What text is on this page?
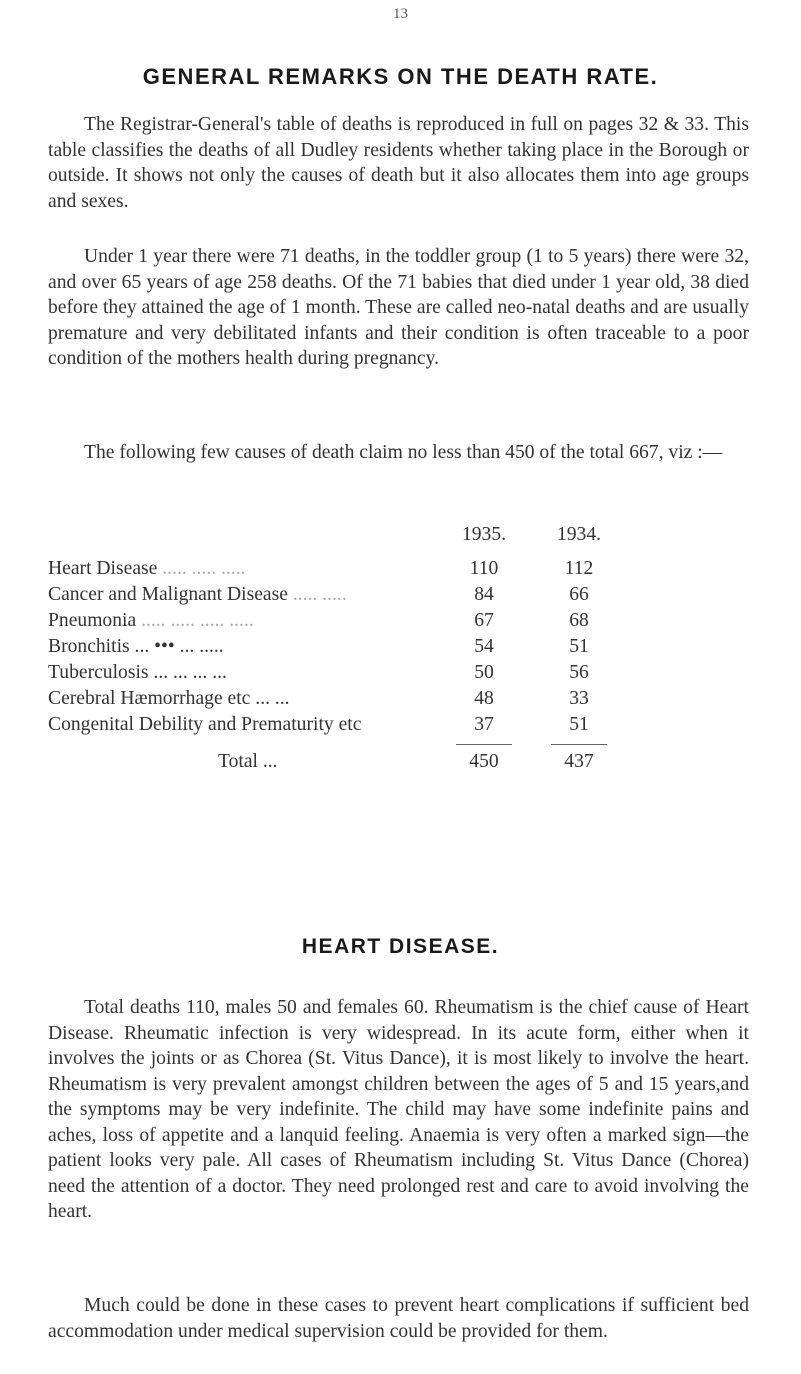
13
GENERAL REMARKS ON THE DEATH RATE.

The Registrar-General's table of deaths is reproduced in full on pages 32 & 33. This table classifies the deaths of all Dudley residents whether taking place in the Borough or outside. It shows not only the causes of death but it also allocates them into age groups and sexes.

Under 1 year there were 71 deaths, in the toddler group (1 to 5 years) there were 32, and over 65 years of age 258 deaths. Of the 71 babies that died under 1 year old, 38 died before they attained the age of 1 month. These are called neo-natal deaths and are usually premature and very debilitated infants and their condition is often traceable to a poor condition of the mothers health during pregnancy.

The following few causes of death claim no less than 450 of the total 667, viz :—

1935.	1934.
Heart Disease ..... ..... .....	110	112
Cancer and Malignant Disease ..... .....	84	66
Pneumonia ..... ..... ..... .....	67	68
Bronchitis ... ••• ... .....	54	51
Tuberculosis ... ... ... ...	50	56
Cerebral Hæmorrhage etc ... ...	48	33
Congenital Debility and Prematurity etc	37	51
Total ...	450	437
HEART DISEASE.

Total deaths 110, males 50 and females 60. Rheumatism is the chief cause of Heart Disease. Rheumatic infection is very widespread. In its acute form, either when it involves the joints or as Chorea (St. Vitus Dance), it is most likely to involve the heart. Rheumatism is very prevalent amongst children between the ages of 5 and 15 years,and the symptoms may be very indefinite. The child may have some indefinite pains and aches, loss of appetite and a lanquid feeling. Anaemia is very often a marked sign—the patient looks very pale. All cases of Rheumatism including St. Vitus Dance (Chorea) need the attention of a doctor. They need prolonged rest and care to avoid involving the heart.

Much could be done in these cases to prevent heart complications if sufficient bed accommodation under medical supervision could be provided for them.
